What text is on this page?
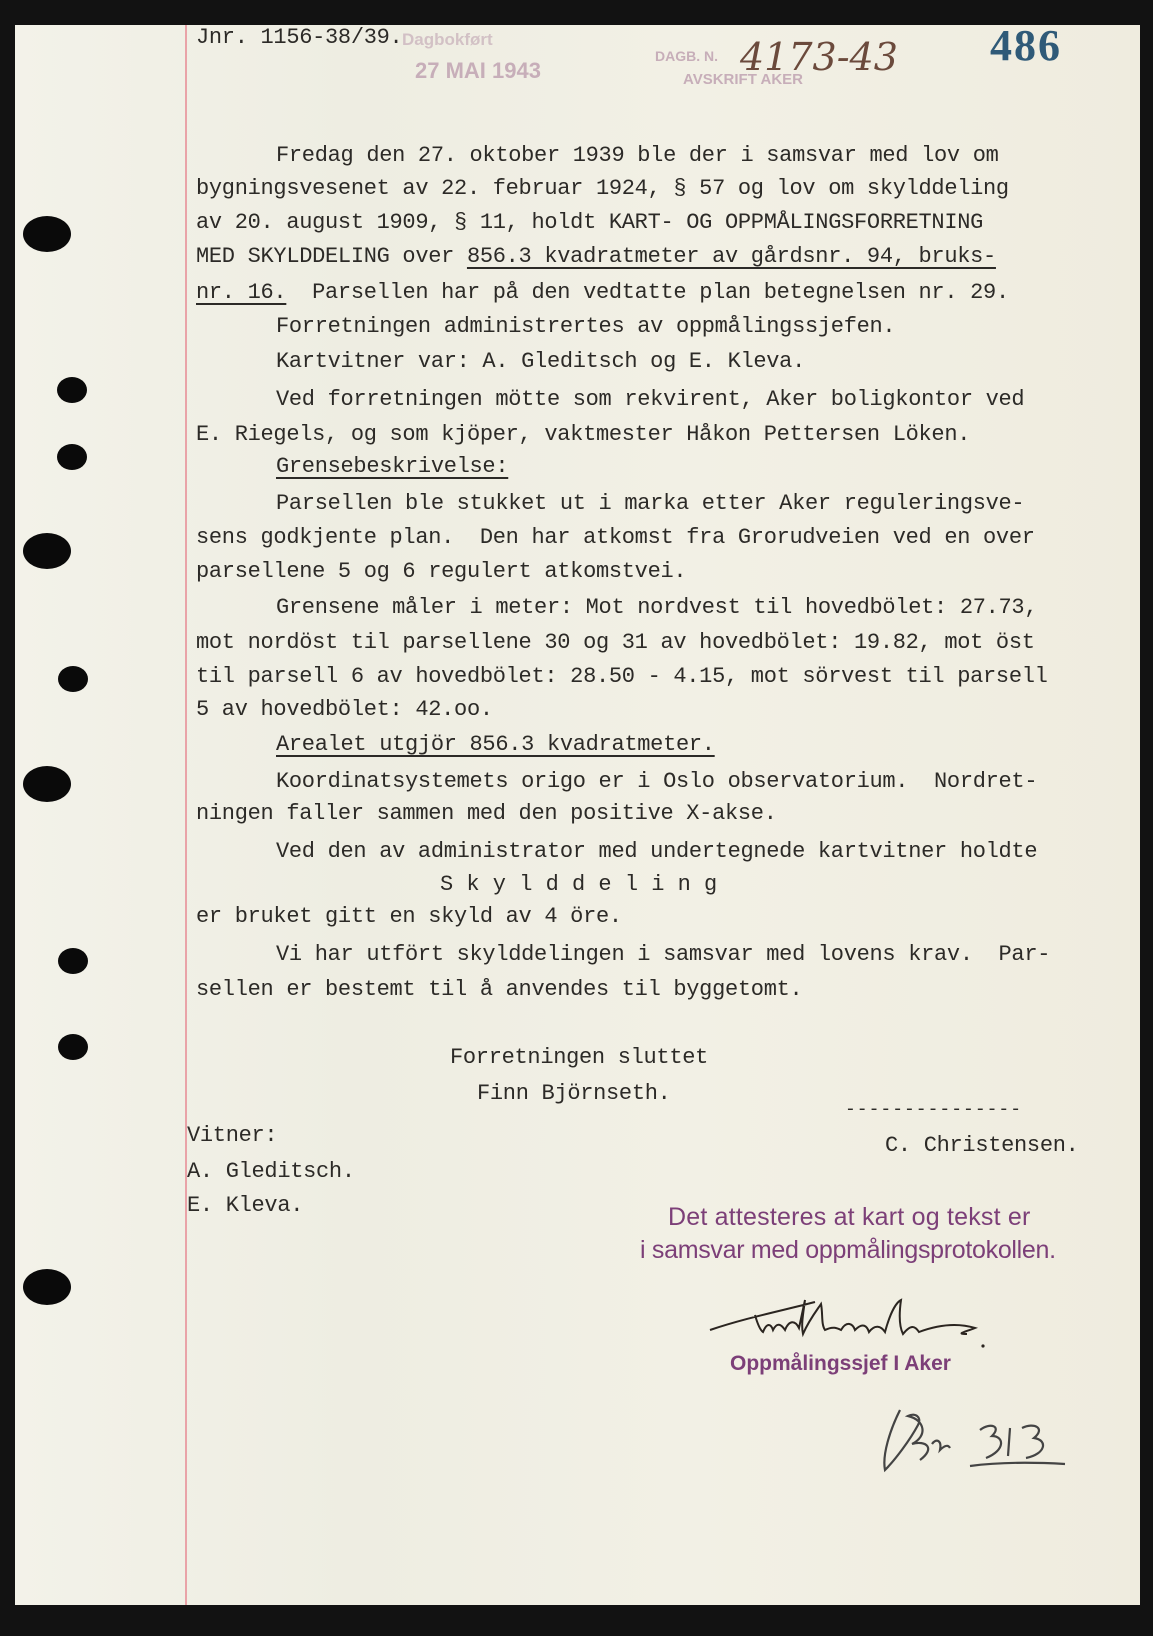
Jnr. 1156-38/39. Dagbokført
27 MAI 1943
DAGB. N.
AVSKRIFT AKER
4173-43 486
Fredag den 27. oktober 1939 ble der i samsvar med lov om
bygningsvesenet av 22. februar 1924, § 57 og lov om skylddeling
av 20. august 1909, § 11, holdt KART- OG OPPMÅLINGSFORRETNING
MED SKYLDDELING over 856.3 kvadratmeter av gårdsnr. 94, bruks-
nr. 16.  Parsellen har på den vedtatte plan betegnelsen nr. 29.
Forretningen administrertes av oppmålingssjefen.
Kartvitner var: A. Gleditsch og E. Kleva.
Ved forretningen mötte som rekvirent, Aker boligkontor ved
E. Riegels, og som kjöper, vaktmester Håkon Pettersen Löken.
Grensebeskrivelse:
Parsellen ble stukket ut i marka etter Aker reguleringsve-
sens godkjente plan.  Den har atkomst fra Grorudveien ved en over
parsellene 5 og 6 regulert atkomstvei.
Grensene måler i meter: Mot nordvest til hovedbölet: 27.73,
mot nordöst til parsellene 30 og 31 av hovedbölet: 19.82, mot öst
til parsell 6 av hovedbölet: 28.50 - 4.15, mot sörvest til parsell
5 av hovedbölet: 42.oo.
Arealet utgjör 856.3 kvadratmeter.
Koordinatsystemets origo er i Oslo observatorium.  Nordret-
ningen faller sammen med den positive X-akse.
Ved den av administrator med undertegnede kartvitner holdte
S k y l d d e l i n g
er bruket gitt en skyld av 4 öre.
Vi har utfört skylddelingen i samsvar med lovens krav.  Par-
sellen er bestemt til å anvendes til byggetomt.
Forretningen sluttet
Finn Björnseth.
---------------
Vitner:	C. Christensen.
A. Gleditsch.
E. Kleva.	Det attesteres at kart og tekst er
i samsvar med oppmålingsprotokollen.
Oppmålingssjef I Aker
